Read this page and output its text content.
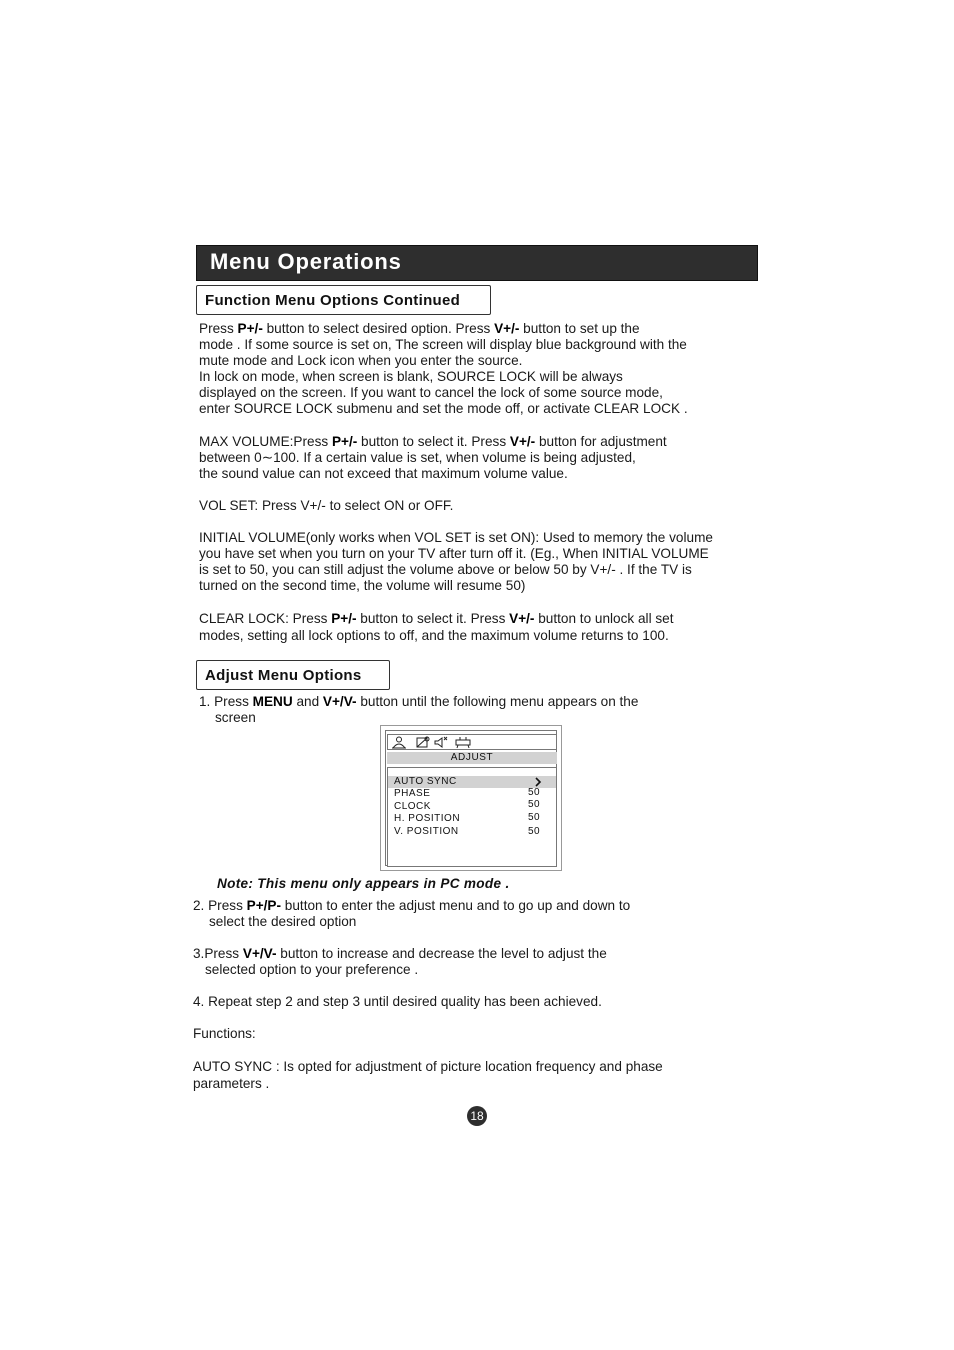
Menu Operations
Function Menu Options Continued
Press P+/- button to select desired option. Press V+/- button to set up the
mode . If some source is set on, The screen will display blue background with the
mute mode and Lock icon when you enter the source.
In lock on mode, when screen is blank, SOURCE LOCK will be always
displayed on the screen. If you want to cancel the lock of some source mode,
enter SOURCE LOCK submenu and set the mode off, or activate CLEAR LOCK .
MAX VOLUME:Press P+/- button to select it. Press V+/- button for adjustment
between 0∼100. If a certain value is set, when volume is being adjusted,
the sound value can not exceed that maximum volume value.
VOL SET: Press V+/- to select ON or OFF.
INITIAL VOLUME(only works when VOL SET is set ON): Used to memory the volume
you have set when you turn on your TV after turn off it. (Eg., When INITIAL VOLUME
is set to 50, you can still adjust the volume above or below 50 by V+/- . If the TV is
turned on the second time, the volume will resume 50)
CLEAR LOCK: Press P+/- button to select it. Press V+/- button to unlock all set
modes, setting all lock options to off, and the maximum volume returns to 100.
Adjust Menu Options
1. Press MENU and V+/V- button until the following menu appears on the
screen
ADJUST
AUTO SYNC
PHASE	50
CLOCK	50
H. POSITION	50
V. POSITION	50
Note: This menu only appears in PC mode .
2. Press P+/P- button to enter the adjust menu and to go up and down to
select the desired option
3.Press V+/V- button to increase and decrease the level to adjust the
selected option to your preference .
4. Repeat step 2 and step 3 until desired quality has been achieved.
Functions:
AUTO SYNC : Is opted for adjustment of picture location frequency and phase
parameters .
18
